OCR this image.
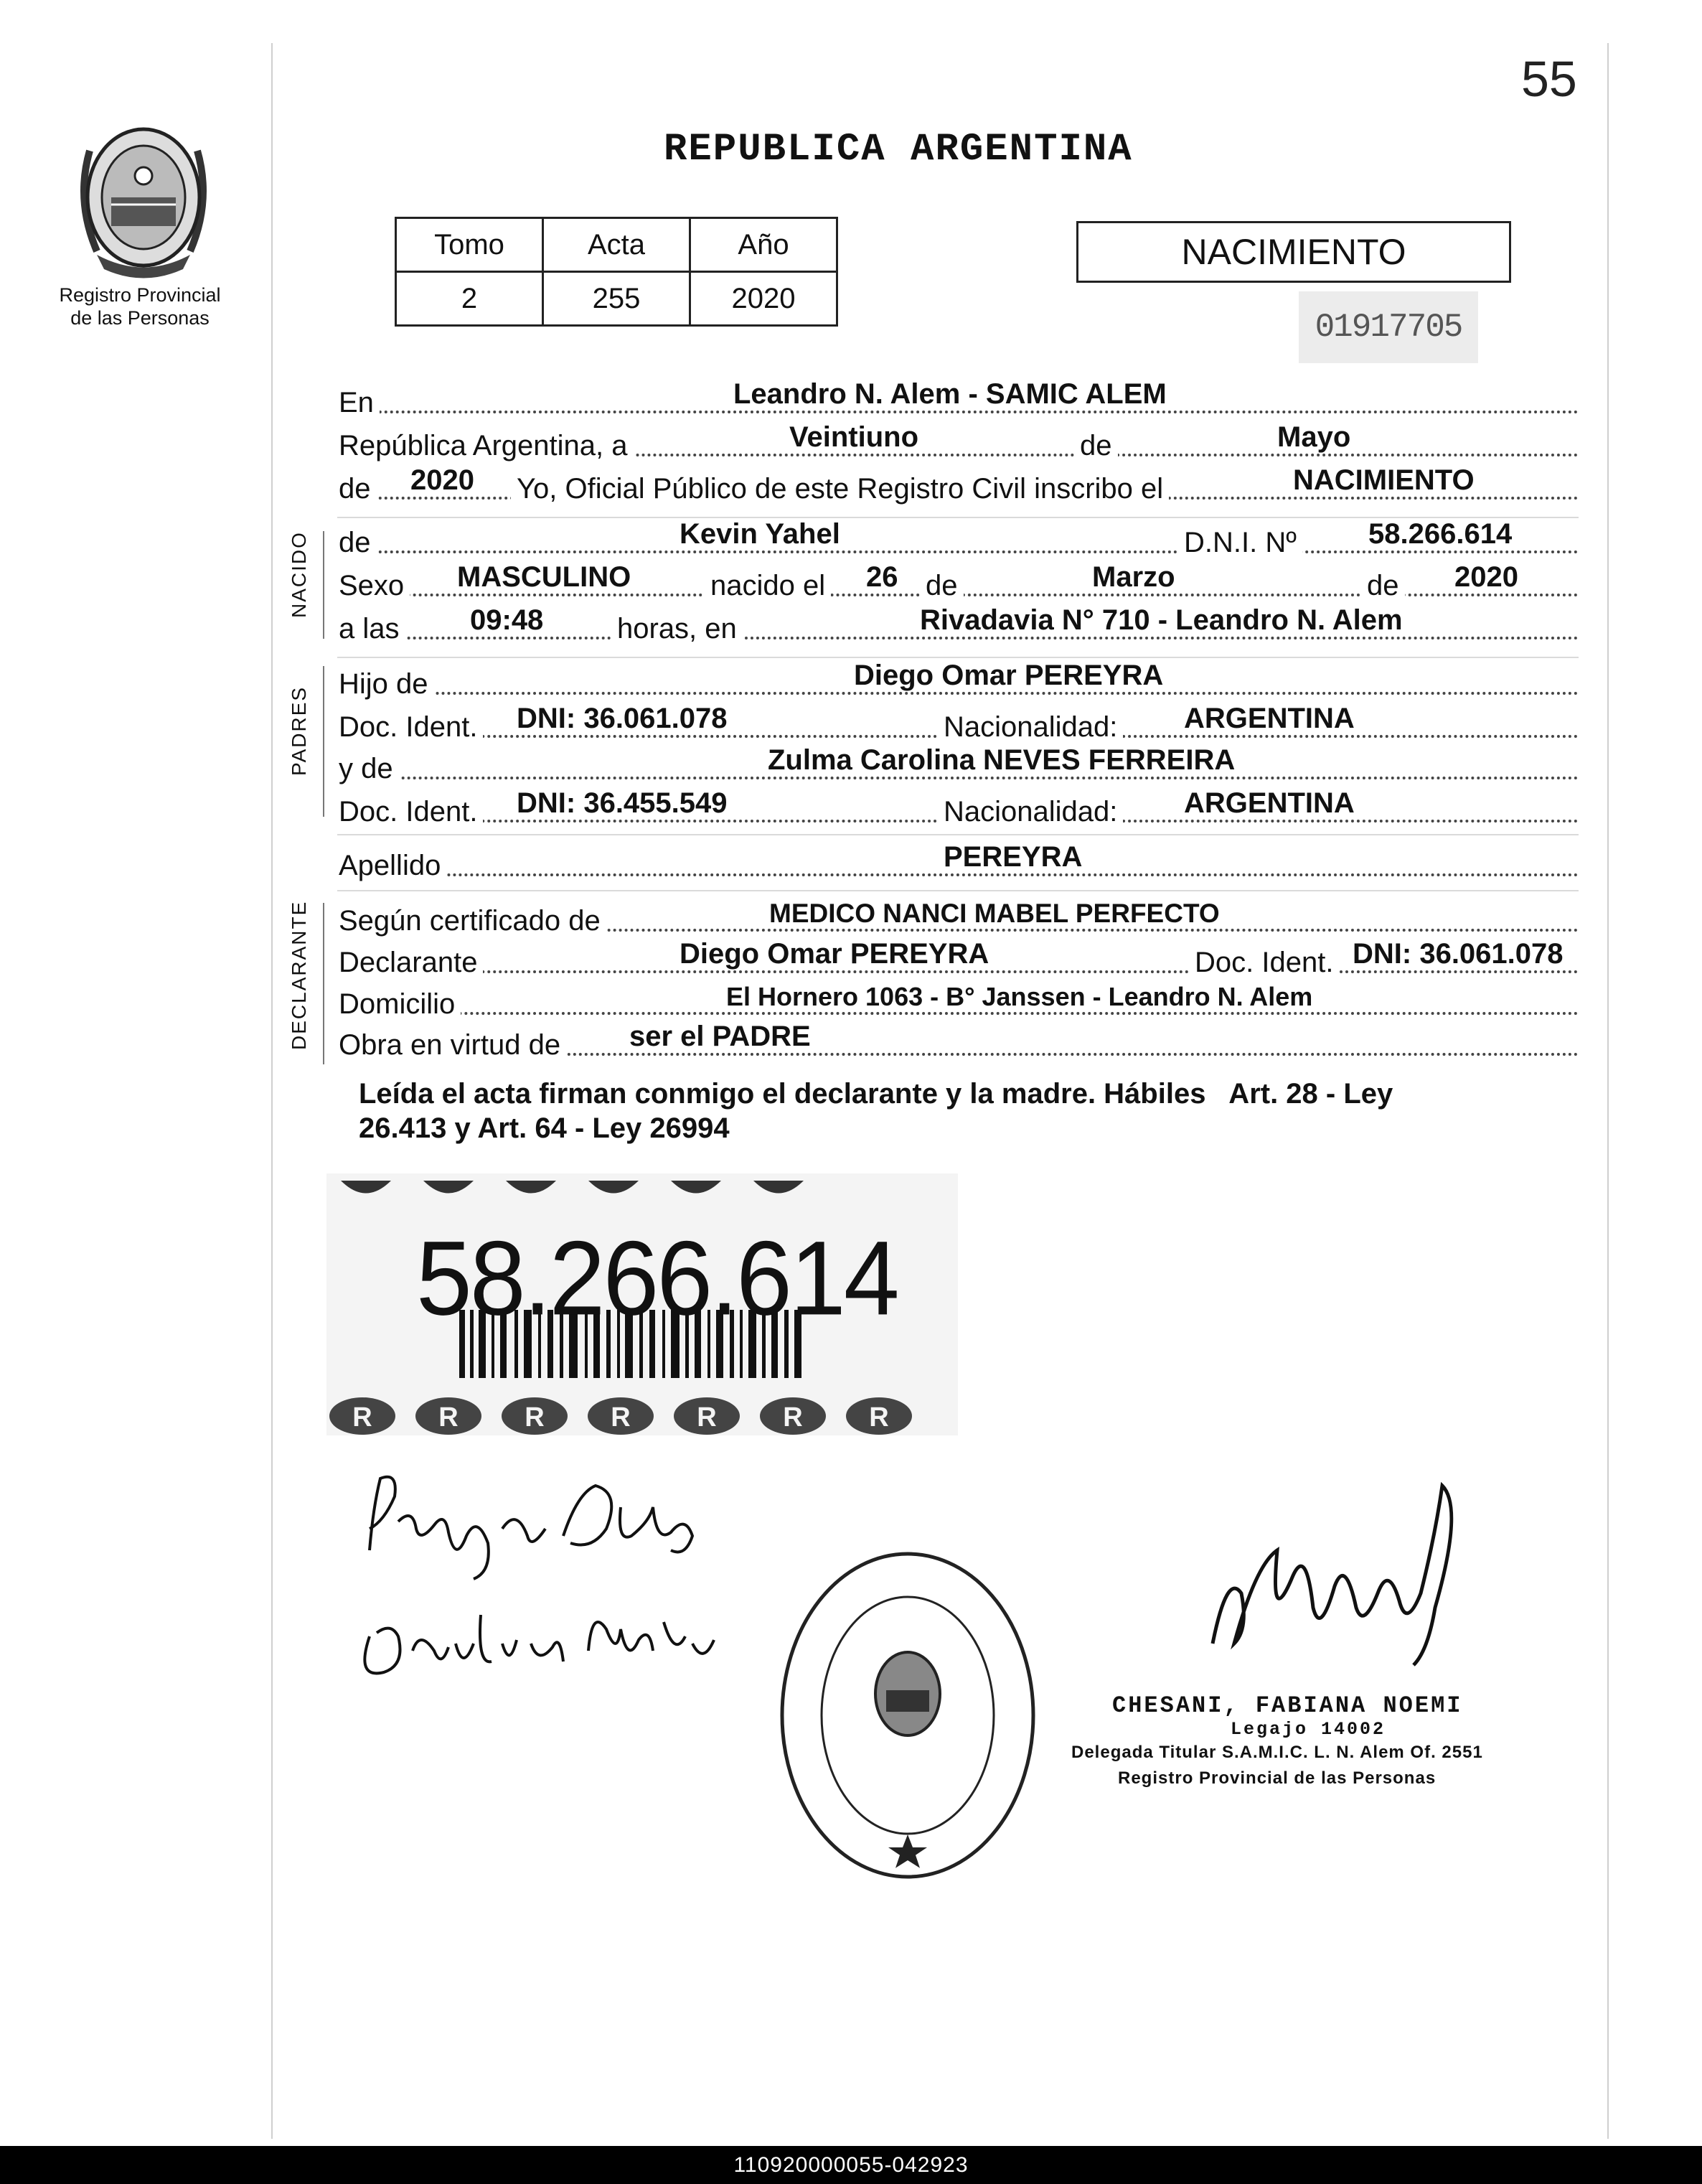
55
Registro Provincial
de las Personas
REPUBLICA ARGENTINA
Tomo	Acta	Año
2	255	2020
NACIMIENTO
01917705
En	Leandro N. Alem - SAMIC ALEM
República Argentina, a	Veintiuno	de	Mayo
de 2020 Yo, Oficial Público de este Registro Civil inscribo el	NACIMIENTO
NACIDO de	Kevin Yahel	D.N.I. Nº	58.266.614
Sexo MASCULINO	nacido el 26 de	Marzo	de 2020
a las 09:48	horas, en	Rivadavia N° 710 - Leandro N. Alem
PADRES
Hijo de	Diego Omar PEREYRA
Doc. Ident. DNI: 36.061.078	Nacionalidad: ARGENTINA
y de	Zulma Carolina NEVES FERREIRA
Doc. Ident. DNI: 36.455.549	Nacionalidad: ARGENTINA
Apellido	PEREYRA
DECLARANTE Según certificado de	MEDICO NANCI MABEL PERFECTO
Declarante	Diego Omar PEREYRA	Doc. Ident. DNI: 36.061.078
Domicilio	El Hornero 1063 - B° Janssen - Leandro N. Alem
Obra en virtud de ser el PADRE
Leída el acta firman conmigo el declarante y la madre. Hábiles   Art. 28 - Ley
26.413 y Art. 64 - Ley 26994
R R R R R R R
58.266.614
CHESANI, FABIANA NOEMI
Legajo 14002
Delegada Titular S.A.M.I.C. L. N. Alem Of. 2551
Registro Provincial de las Personas
110920000055-042923
